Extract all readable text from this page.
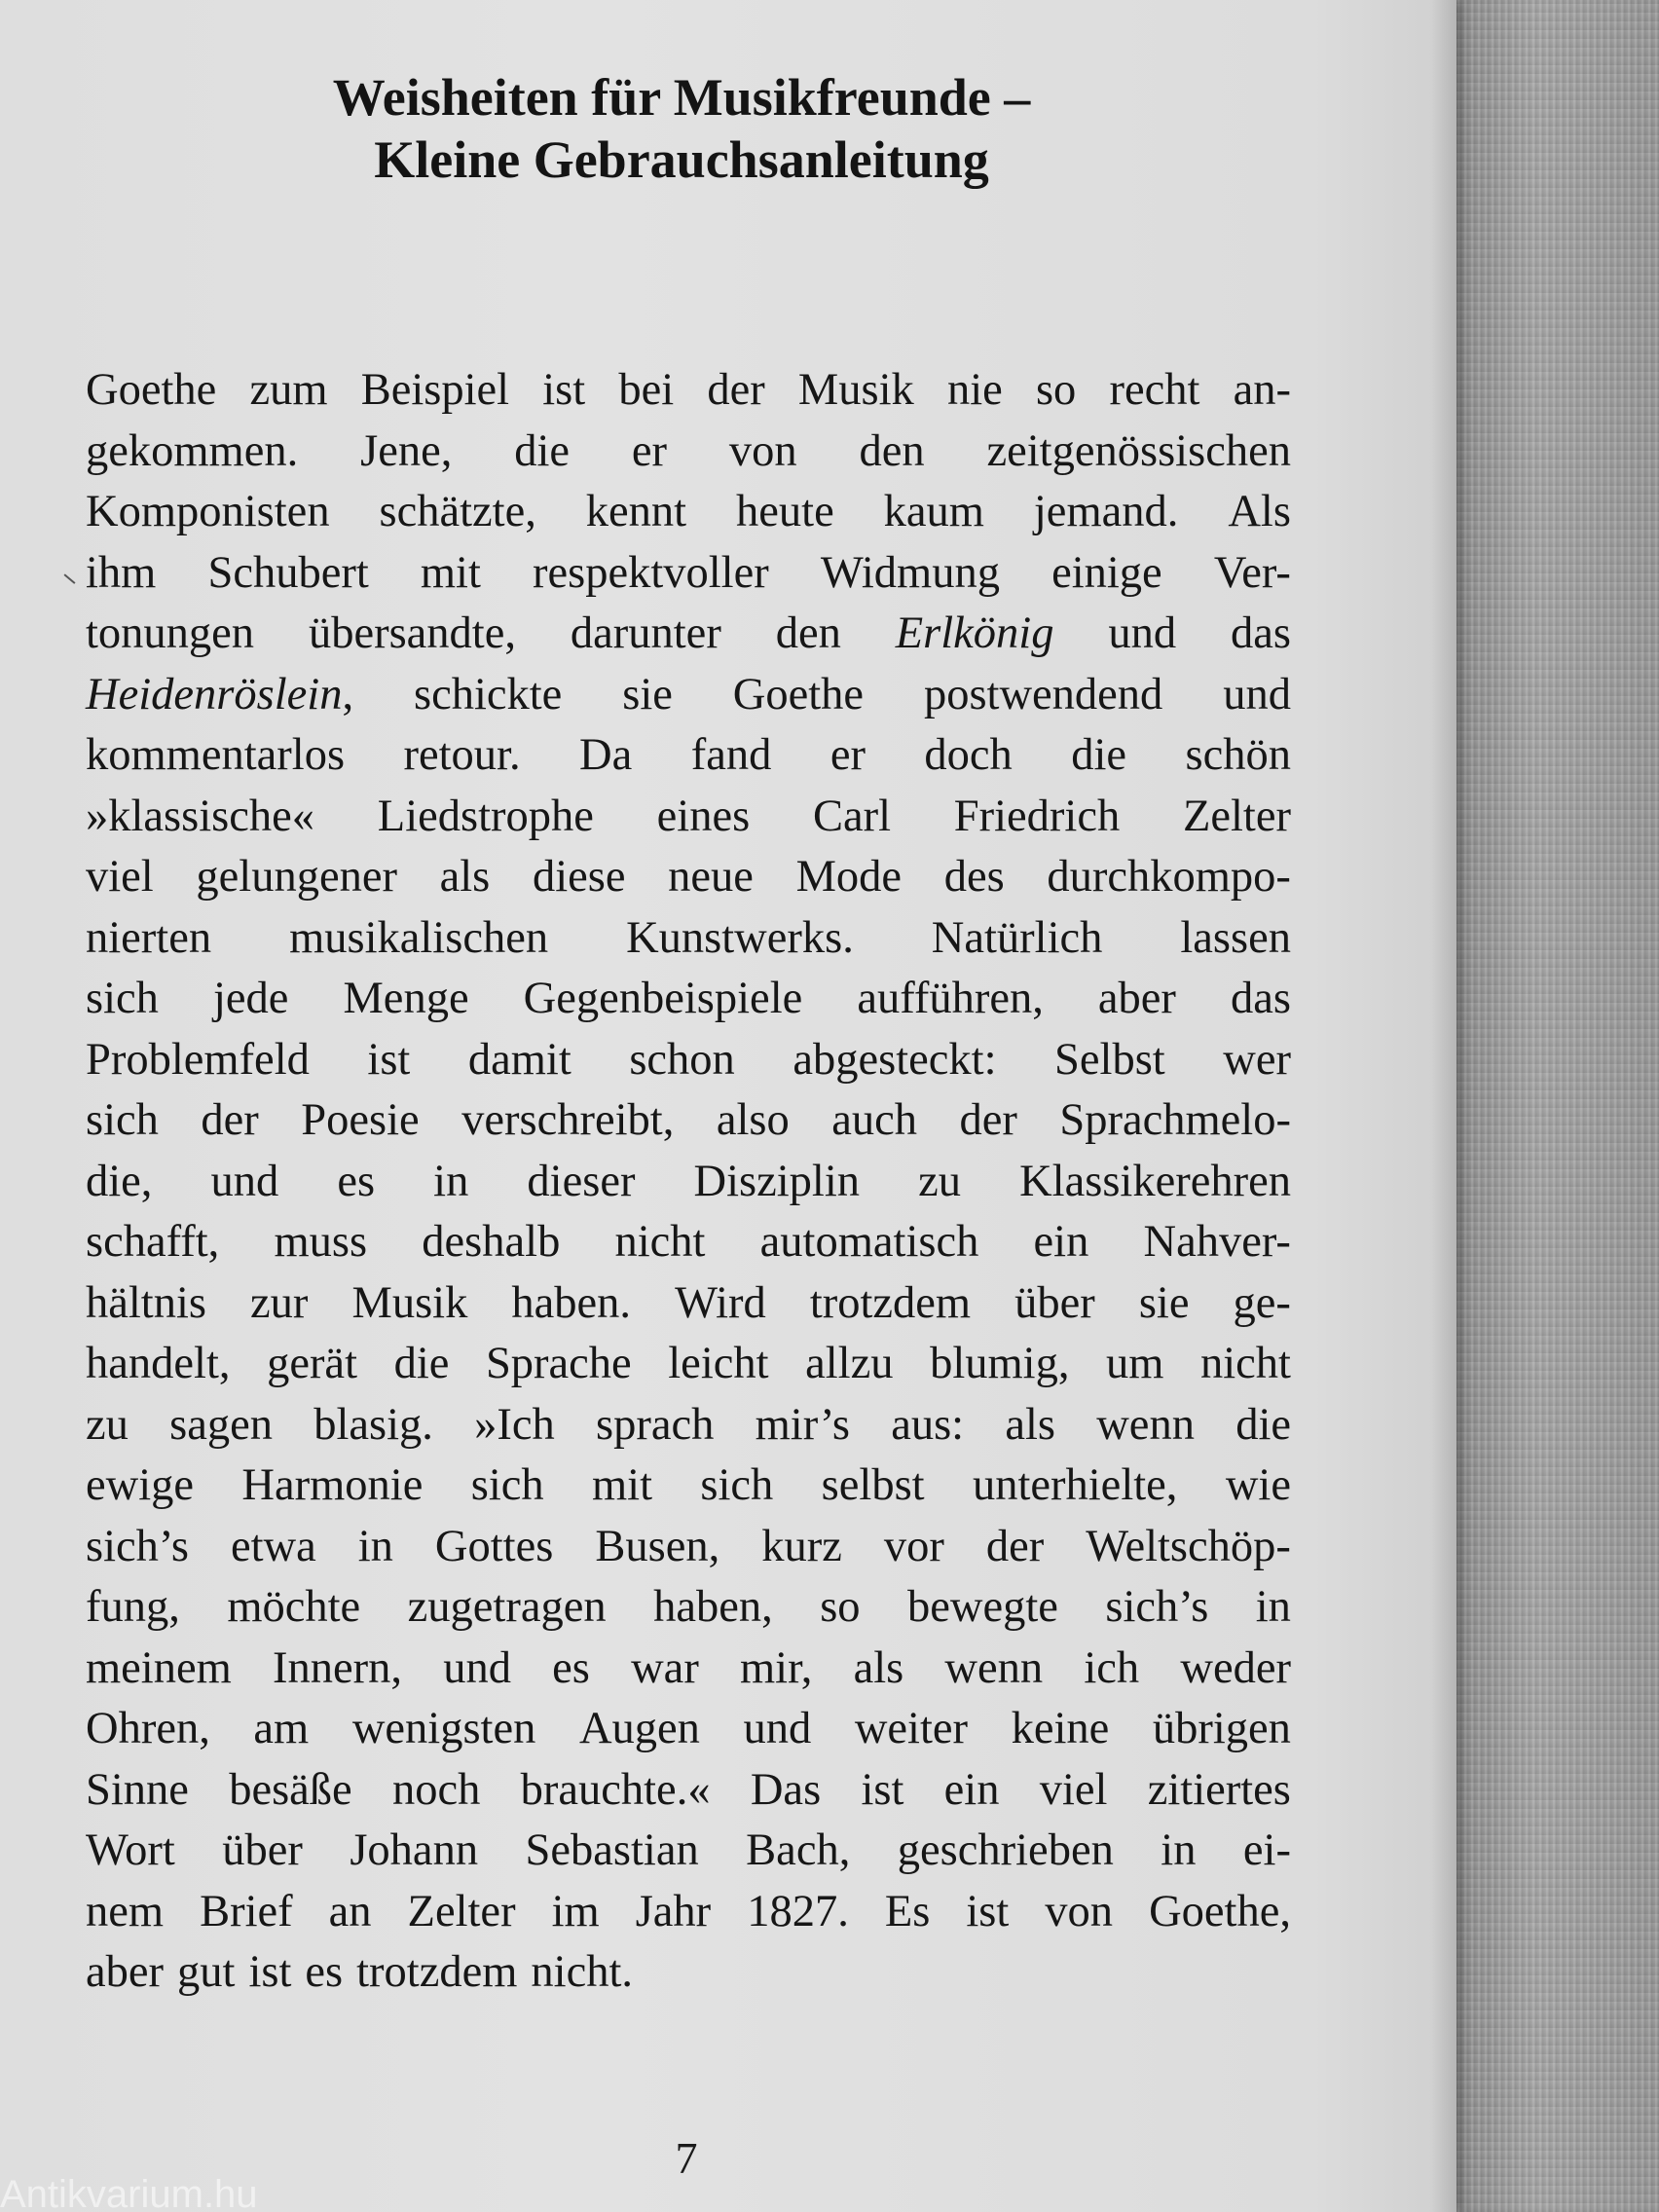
Weisheiten für Musikfreunde –
Kleine Gebrauchsanleitung
Goethe zum Beispiel ist bei der Musik nie so recht an-
gekommen. Jene, die er von den zeitgenössischen
Komponisten schätzte, kennt heute kaum jemand. Als
ihm Schubert mit respektvoller Widmung einige Ver-
tonungen übersandte, darunter den Erlkönig und das
Heidenröslein, schickte sie Goethe postwendend und
kommentarlos retour. Da fand er doch die schön
»klassische« Liedstrophe eines Carl Friedrich Zelter
viel gelungener als diese neue Mode des durchkompo-
nierten musikalischen Kunstwerks. Natürlich lassen
sich jede Menge Gegenbeispiele aufführen, aber das
Problemfeld ist damit schon abgesteckt: Selbst wer
sich der Poesie verschreibt, also auch der Sprachmelo-
die, und es in dieser Disziplin zu Klassikerehren
schafft, muss deshalb nicht automatisch ein Nahver-
hältnis zur Musik haben. Wird trotzdem über sie ge-
handelt, gerät die Sprache leicht allzu blumig, um nicht
zu sagen blasig. »Ich sprach mir’s aus: als wenn die
ewige Harmonie sich mit sich selbst unterhielte, wie
sich’s etwa in Gottes Busen, kurz vor der Weltschöp-
fung, möchte zugetragen haben, so bewegte sich’s in
meinem Innern, und es war mir, als wenn ich weder
Ohren, am wenigsten Augen und weiter keine übrigen
Sinne besäße noch brauchte.« Das ist ein viel zitiertes
Wort über Johann Sebastian Bach, geschrieben in ei-
nem Brief an Zelter im Jahr 1827. Es ist von Goethe,
aber gut ist es trotzdem nicht.
7
Antikvarium.hu
